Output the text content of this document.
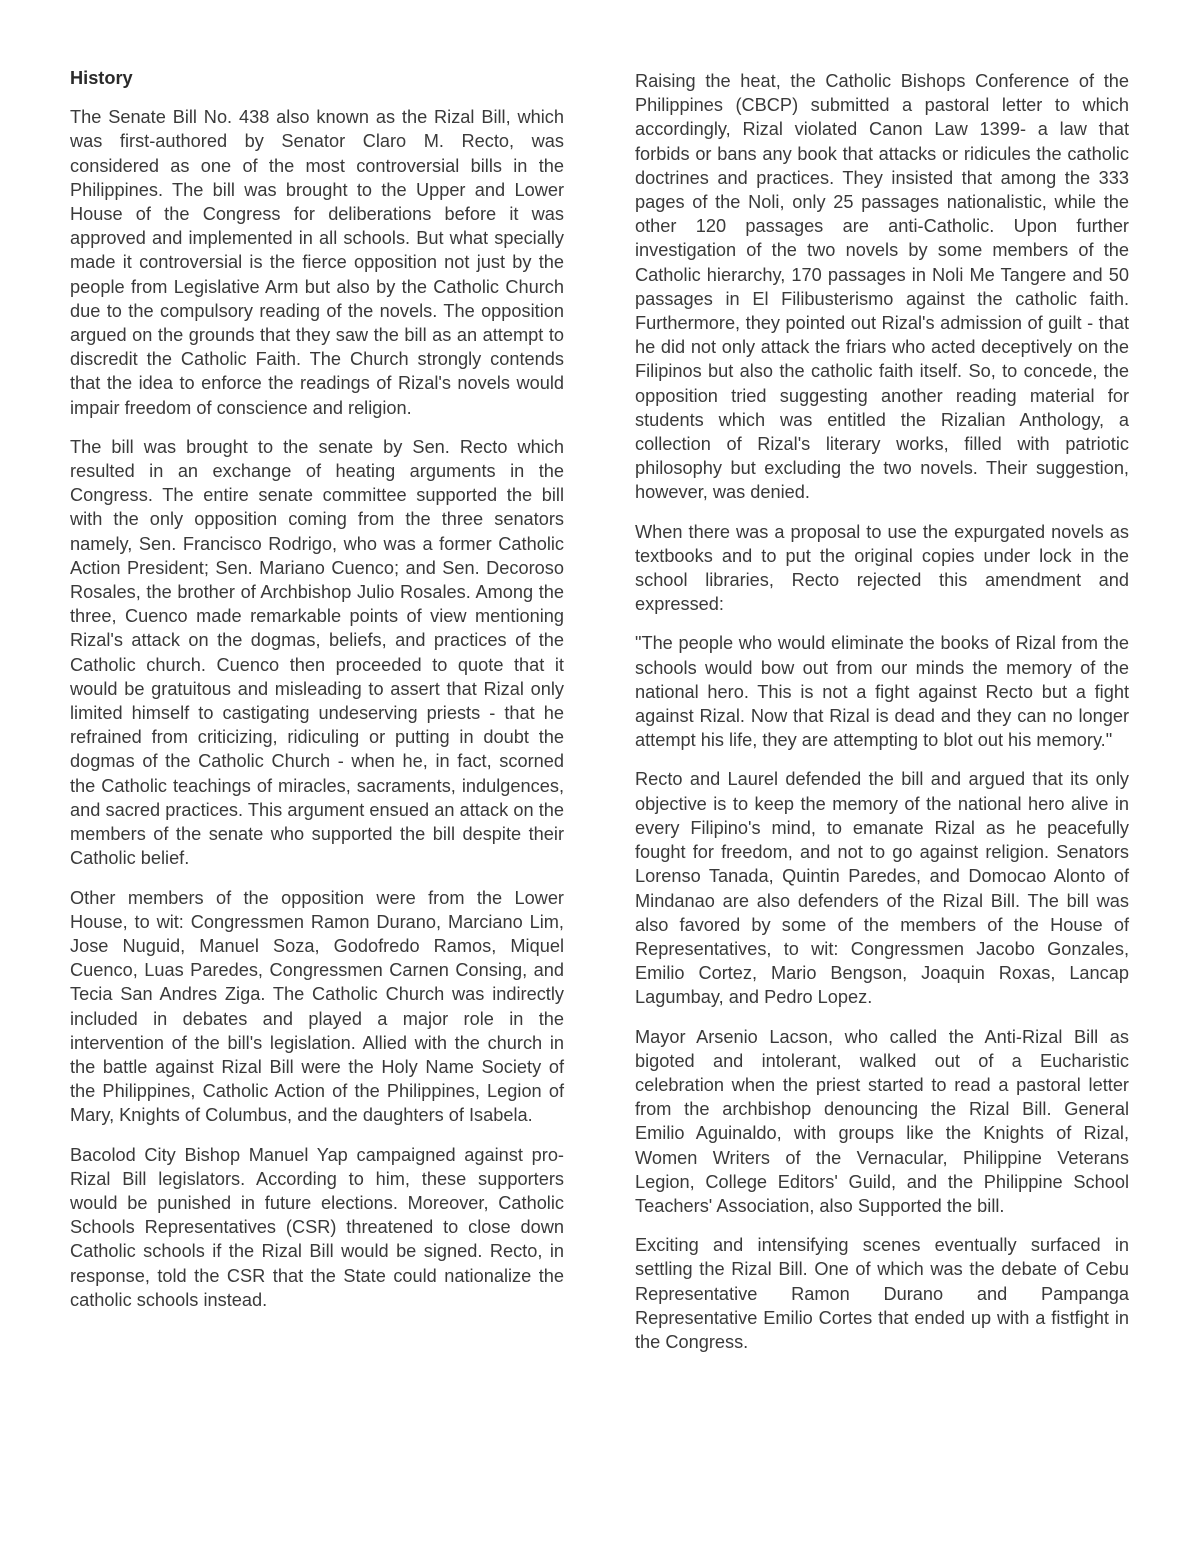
History

The Senate Bill No. 438 also known as the Rizal Bill, which was first-authored by Senator Claro M. Recto, was considered as one of the most controversial bills in the Philippines. The bill was brought to the Upper and Lower House of the Congress for deliberations before it was approved and implemented in all schools. But what specially made it controversial is the fierce opposition not just by the people from Legislative Arm but also by the Catholic Church due to the compulsory reading of the novels. The opposition argued on the grounds that they saw the bill as an attempt to discredit the Catholic Faith. The Church strongly contends that the idea to enforce the readings of Rizal's novels would impair freedom of conscience and religion.

The bill was brought to the senate by Sen. Recto which resulted in an exchange of heating arguments in the Congress. The entire senate committee supported the bill with the only opposition coming from the three senators namely, Sen. Francisco Rodrigo, who was a former Catholic Action President; Sen. Mariano Cuenco; and Sen. Decoroso Rosales, the brother of Archbishop Julio Rosales. Among the three, Cuenco made remarkable points of view mentioning Rizal's attack on the dogmas, beliefs, and practices of the Catholic church. Cuenco then proceeded to quote that it would be gratuitous and misleading to assert that Rizal only limited himself to castigating undeserving priests - that he refrained from criticizing, ridiculing or putting in doubt the dogmas of the Catholic Church - when he, in fact, scorned the Catholic teachings of miracles, sacraments, indulgences, and sacred practices. This argument ensued an attack on the members of the senate who supported the bill despite their Catholic belief.

Other members of the opposition were from the Lower House, to wit: Congressmen Ramon Durano, Marciano Lim, Jose Nuguid, Manuel Soza, Godofredo Ramos, Miquel Cuenco, Luas Paredes, Congressmen Carnen Consing, and Tecia San Andres Ziga. The Catholic Church was indirectly included in debates and played a major role in the intervention of the bill's legislation. Allied with the church in the battle against Rizal Bill were the Holy Name Society of the Philippines, Catholic Action of the Philippines, Legion of Mary, Knights of Columbus, and the daughters of Isabela.

Bacolod City Bishop Manuel Yap campaigned against pro-Rizal Bill legislators. According to him, these supporters would be punished in future elections. Moreover, Catholic Schools Representatives (CSR) threatened to close down Catholic schools if the Rizal Bill would be signed. Recto, in response, told the CSR that the State could nationalize the catholic schools instead.

Raising the heat, the Catholic Bishops Conference of the Philippines (CBCP) submitted a pastoral letter to which accordingly, Rizal violated Canon Law 1399- a law that forbids or bans any book that attacks or ridicules the catholic doctrines and practices. They insisted that among the 333 pages of the Noli, only 25 passages nationalistic, while the other 120 passages are anti-Catholic. Upon further investigation of the two novels by some members of the Catholic hierarchy, 170 passages in Noli Me Tangere and 50 passages in El Filibusterismo against the catholic faith. Furthermore, they pointed out Rizal's admission of guilt - that he did not only attack the friars who acted deceptively on the Filipinos but also the catholic faith itself. So, to concede, the opposition tried suggesting another reading material for students which was entitled the Rizalian Anthology, a collection of Rizal's literary works, filled with patriotic philosophy but excluding the two novels. Their suggestion, however, was denied.

When there was a proposal to use the expurgated novels as textbooks and to put the original copies under lock in the school libraries, Recto rejected this amendment and expressed:

"The people who would eliminate the books of Rizal from the schools would bow out from our minds the memory of the national hero. This is not a fight against Recto but a fight against Rizal. Now that Rizal is dead and they can no longer attempt his life, they are attempting to blot out his memory."

Recto and Laurel defended the bill and argued that its only objective is to keep the memory of the national hero alive in every Filipino's mind, to emanate Rizal as he peacefully fought for freedom, and not to go against religion. Senators Lorenso Tanada, Quintin Paredes, and Domocao Alonto of Mindanao are also defenders of the Rizal Bill. The bill was also favored by some of the members of the House of Representatives, to wit: Congressmen Jacobo Gonzales, Emilio Cortez, Mario Bengson, Joaquin Roxas, Lancap Lagumbay, and Pedro Lopez.

Mayor Arsenio Lacson, who called the Anti-Rizal Bill as bigoted and intolerant, walked out of a Eucharistic celebration when the priest started to read a pastoral letter from the archbishop denouncing the Rizal Bill. General Emilio Aguinaldo, with groups like the Knights of Rizal, Women Writers of the Vernacular, Philippine Veterans Legion, College Editors' Guild, and the Philippine School Teachers' Association, also Supported the bill.

Exciting and intensifying scenes eventually surfaced in settling the Rizal Bill. One of which was the debate of Cebu Representative Ramon Durano and Pampanga Representative Emilio Cortes that ended up with a fistfight in the Congress.
